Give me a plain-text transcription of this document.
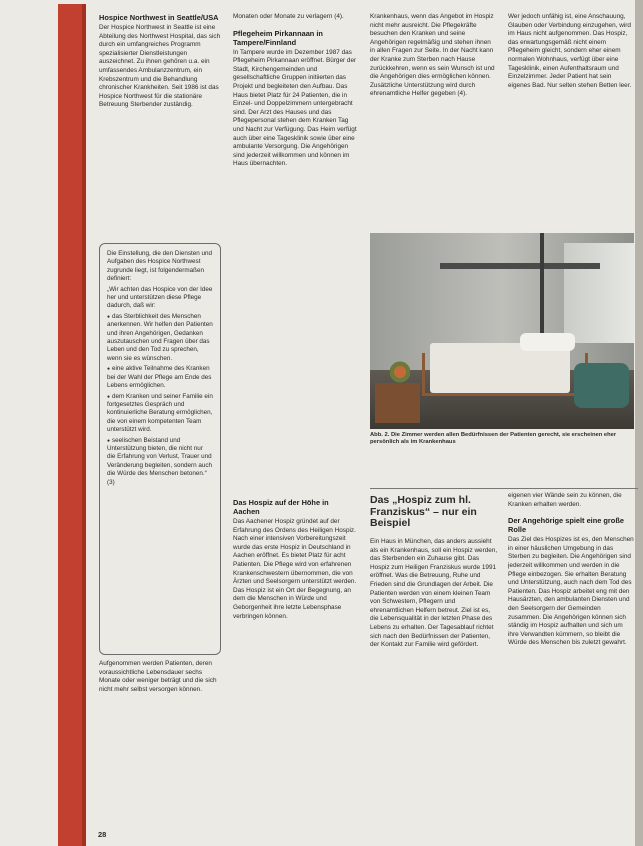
Hospice Northwest in Seattle/USA

Der Hospice Northwest in Seattle ist eine Abteilung des Northwest Hospital, das sich durch ein umfangreiches Programm spezialisierter Dienstleistungen auszeichnet. Zu ihnen gehören u.a. ein umfassendes Ambulanzzentrum, ein Krebszentrum und die Behandlung chronischer Krankheiten. Seit 1986 ist das Hospice Northwest für die stationäre Betreuung Sterbender zuständig.

Die Einstellung, die den Diensten und Aufgaben des Hospice Northwest zugrunde liegt, ist folgendermaßen definiert:

„Wir achten das Hospice von der Idee her und unterstützen diese Pflege dadurch, daß wir:

● das Sterblichkeit des Menschen anerkennen. Wir helfen den Patienten und ihren Angehörigen, Gedanken auszutauschen und Fragen über das Leben und den Tod zu sprechen, wenn sie es wünschen.

● eine aktive Teilnahme des Kranken bei der Wahl der Pflege am Ende des Lebens ermöglichen.

● dem Kranken und seiner Familie ein fortgesetztes Gespräch und kontinuierliche Beratung ermöglichen, die von einem kompetenten Team unterstützt wird.

● seelischen Beistand und Unterstützung bieten, die nicht nur die Erfahrung von Verlust, Trauer und Veränderung begleiten, sondern auch die Würde des Menschen betonen.“ (3)

Aufgenommen werden Patienten, deren voraussichtliche Lebensdauer sechs Monate oder weniger beträgt und die sich nicht mehr selbst versorgen können.

Monaten oder Monate zu verlagern (4).

Pflegeheim Pirkannaan in Tampere/Finnland

In Tampere wurde im Dezember 1987 das Pflegeheim Pirkannaan eröffnet. Bürger der Stadt, Kirchengemeinden und gesellschaftliche Gruppen initiierten das Projekt und begleiteten den Aufbau. Das Haus bietet Platz für 24 Patienten, die in Einzel- und Doppelzimmern untergebracht sind. Der Arzt des Hauses und das Pflegepersonal stehen dem Kranken Tag und Nacht zur Verfügung. Das Heim verfügt auch über eine Tagesklinik sowie über eine ambulante Versorgung. Die Angehörigen sind jederzeit willkommen und können im Haus übernachten.

Das Hospiz auf der Höhe in Aachen

Das Aachener Hospiz gründet auf der Erfahrung des Ordens des Heiligen Hospiz. Nach einer intensiven Vorbereitungszeit wurde das erste Hospiz in Deutschland in Aachen eröffnet. Es bietet Platz für acht Patienten. Die Pflege wird von erfahrenen Krankenschwestern übernommen, die von Ärzten und Seelsorgern unterstützt werden. Das Hospiz ist ein Ort der Begegnung, an dem die Menschen in Würde und Geborgenheit ihre letzte Lebensphase verbringen können.

Krankenhaus, wenn das Angebot im Hospiz nicht mehr ausreicht. Die Pflegekräfte besuchen den Kranken und seine Angehörigen regelmäßig und stehen ihnen in allen Fragen zur Seite. In der Nacht kann der Kranke zum Sterben nach Hause zurückkehren, wenn es sein Wunsch ist und die Angehörigen dies ermöglichen können. Zusätzliche Unterstützung wird durch ehrenamtliche Helfer gegeben (4).

Wer jedoch unfähig ist, eine Anschauung, Glauben oder Verbindung einzugehen, wird im Haus nicht aufgenommen. Das Hospiz, das erwartungsgemäß nicht einem Pflegeheim gleicht, sondern eher einem normalen Wohnhaus, verfügt über eine Tagesklinik, einen Aufenthaltsraum und Einzelzimmer. Jeder Patient hat sein eigenes Bad. Nur selten stehen Betten leer.

Abb. 2. Die Zimmer werden allen Bedürfnissen der Patienten gerecht, sie erscheinen eher persönlich als im Krankenhaus
Das „Hospiz zum hl. Franziskus“ – nur ein Beispiel

Ein Haus in München, das anders aussieht als ein Krankenhaus, soll ein Hospiz werden, das Sterbenden ein Zuhause gibt. Das Hospiz zum Heiligen Franziskus wurde 1991 eröffnet. Was die Betreuung, Ruhe und Frieden sind die Grundlagen der Arbeit. Die Patienten werden von einem kleinen Team von Schwestern, Pflegern und ehrenamtlichen Helfern betreut. Ziel ist es, die Lebensqualität in der letzten Phase des Lebens zu erhalten. Der Tagesablauf richtet sich nach den Bedürfnissen der Patienten, der Kontakt zur Familie wird gefördert.

eigenen vier Wände sein zu können, die Kranken erhalten werden.

Der Angehörige spielt eine große Rolle

Das Ziel des Hospizes ist es, den Menschen in einer häuslichen Umgebung in das Sterben zu begleiten. Die Angehörigen sind jederzeit willkommen und werden in die Pflege einbezogen. Sie erhalten Beratung und Unterstützung, auch nach dem Tod des Patienten. Das Hospiz arbeitet eng mit den Hausärzten, den ambulanten Diensten und den Seelsorgern der Gemeinden zusammen. Die Angehörigen können sich ständig im Hospiz aufhalten und sich um ihre Verwandten kümmern, so bleibt die Würde des Menschen bis zuletzt gewahrt.

28
